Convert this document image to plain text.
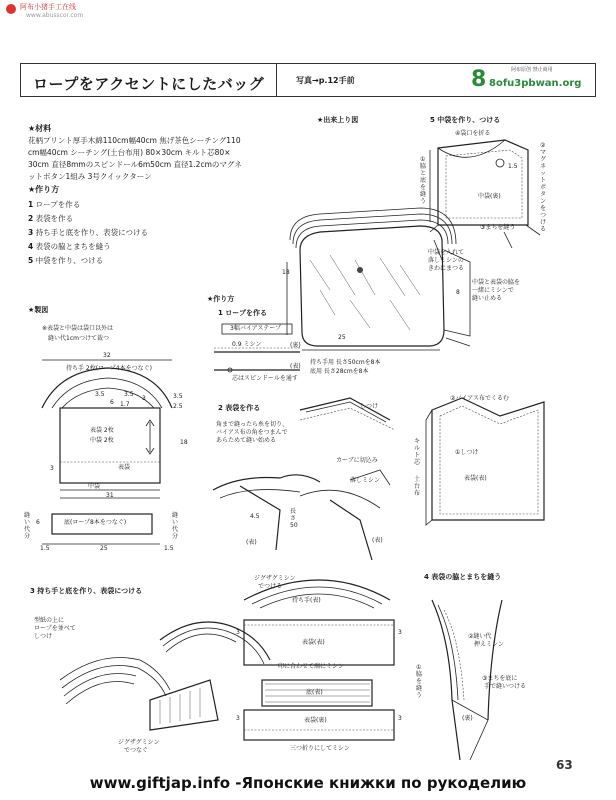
阿布小猪手工在线
www.abusscor.com
ロープをアクセントにしたバッグ	写真→p.12手前
阿布原创 禁止商用
8 8ofu3pbwan.org
★材料
花柄プリント厚手木綿110cm幅40cm 焦げ茶色シーチング110
cm幅40cm シーチング(土台布用) 80×30cm キルト芯80×
30cm 直径8mmのスピンドール6m50cm 直径1.2cmのマグネ
ットボタン1組み 3号クイックターン
★作り方
1 ロープを作る
2 表袋を作る
3 持ち手と底を作り、表袋につける
4 表袋の脇とまちを縫う
5 中袋を作り、つける
★出来上り図
18
25
8
5 中袋を作り、つける
④袋口を折る
②マグネットボタンをつける
1.5
①脇と底を縫う
中袋(裏)
③まちを縫う
中袋を入れて
落しミシンの
きわにまつる
中袋と表袋の脇を
一緒にミシンで
縫い止める
★製図
※表袋と中袋は袋口以外は
縫い代1cmつけて裁つ
32
持ち手 2枚(ロープ4本をつなぐ)
3.5	3.5
6 1.7
3.5
2.5
3
18
3
31
表袋 2枚
中袋 2枚
表袋
中袋
底(ロープ8本をつなぐ)
縫い代分
縫い代分
25
6
1.5	1.5
★作り方
1 ロープを作る
3幅バイアステープ
0.9 ミシン	(裏)
芯はスピンドールを通す
(表)
持ち手用 長さ50cmを8本
底用 長さ28cmを8本
2 表袋を作る
角まで縫ったら糸を切り、
バイアス布の角をつまんで
あらためて縫い始める
しつけ
カーブに切込み
落しミシン
4.5
長さ50
(表)	(表)
②バイアス布でくるむ
①しつけ
キルト芯
土台布
表袋(表)
3 持ち手と底を作り、表袋につける
型紙の上に
ロープを並べて
しつけ
ジグザグミシン
でつなぐ
ジグザグミシン
でつける
持ち手(表)
表袋(表)
印に合わせて端にミシン
底(表)
表袋(裏)
三つ折りにしてミシン
3	3
3	3
4 表袋の脇とまちを縫う
②縫い代
押えミシン
①脇を縫う
③まちを底に
手で縫いつける
(裏)
63
www.giftjap.info -Японские книжки по рукоделию
